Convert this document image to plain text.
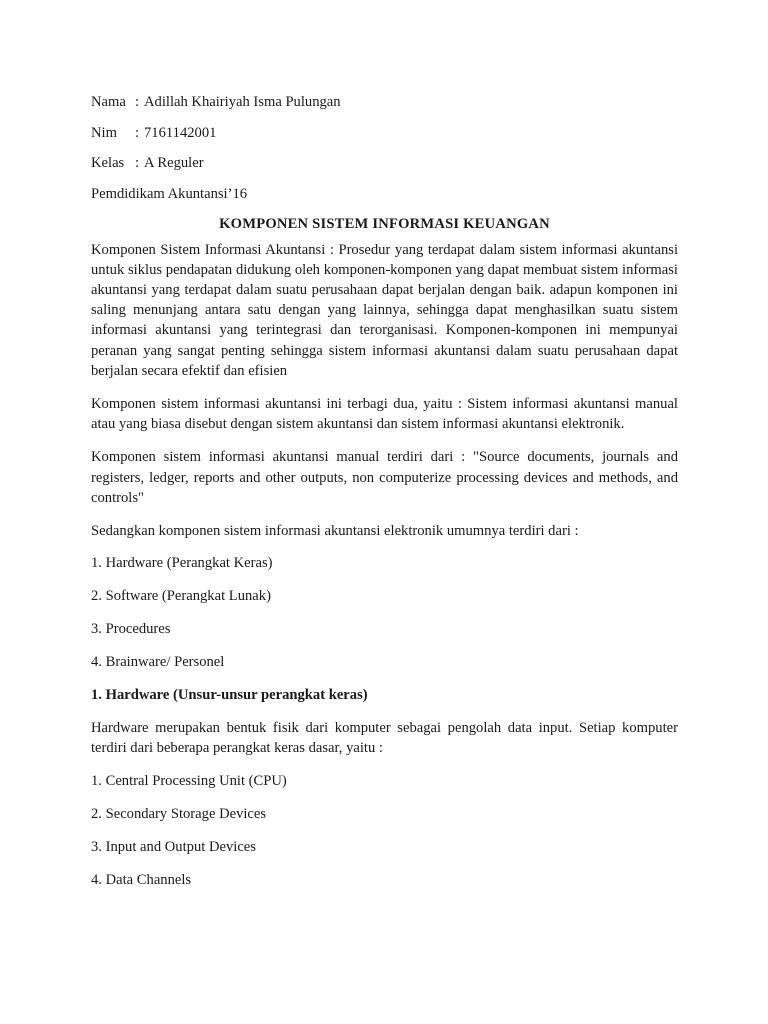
Nama : Adillah Khairiyah Isma Pulungan
Nim : 7161142001
Kelas : A Reguler
Pemdidikam Akuntansi’16
KOMPONEN SISTEM INFORMASI KEUANGAN

Komponen Sistem Informasi Akuntansi : Prosedur yang terdapat dalam sistem informasi akuntansi untuk siklus pendapatan didukung oleh komponen-komponen yang dapat membuat sistem informasi akuntansi yang terdapat dalam suatu perusahaan dapat berjalan dengan baik. adapun komponen ini saling menunjang antara satu dengan yang lainnya, sehingga dapat menghasilkan suatu sistem informasi akuntansi yang terintegrasi dan terorganisasi. Komponen-komponen ini mempunyai peranan yang sangat penting sehingga sistem informasi akuntansi dalam suatu perusahaan dapat berjalan secara efektif dan efisien

Komponen sistem informasi akuntansi ini terbagi dua, yaitu : Sistem informasi akuntansi manual atau yang biasa disebut dengan sistem akuntansi dan sistem informasi akuntansi elektronik.

Komponen sistem informasi akuntansi manual terdiri dari : "Source documents, journals and registers, ledger, reports and other outputs, non computerize processing devices and methods, and controls"

Sedangkan komponen sistem informasi akuntansi elektronik umumnya terdiri dari :

1. Hardware (Perangkat Keras)
2. Software (Perangkat Lunak)
3. Procedures
4. Brainware/ Personel
1. Hardware (Unsur-unsur perangkat keras)

Hardware merupakan bentuk fisik dari komputer sebagai pengolah data input. Setiap komputer terdiri dari beberapa perangkat keras dasar, yaitu :

1. Central Processing Unit (CPU)
2. Secondary Storage Devices
3. Input and Output Devices
4. Data Channels
